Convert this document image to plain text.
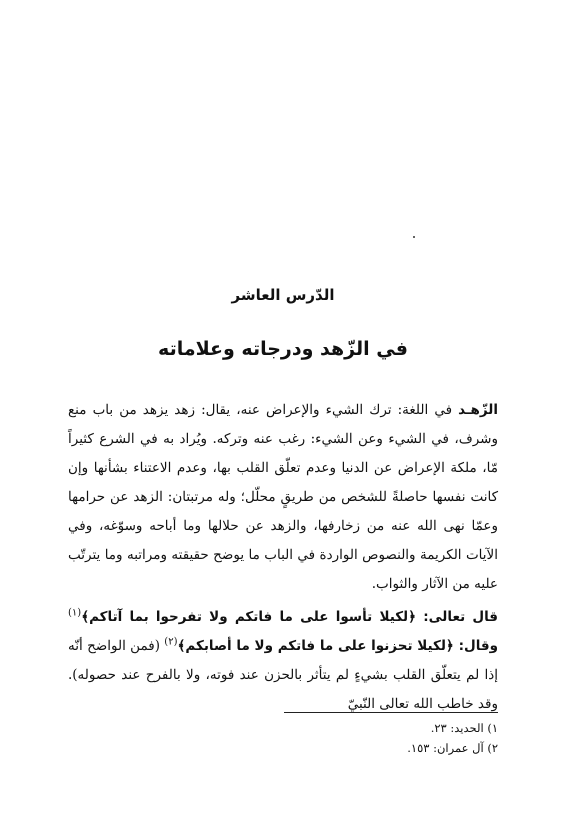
الدّرس العاشر
في الزّهد ودرجاته وعلاماته

الزّهـد في اللغة: ترك الشيء والإعراض عنه، يقال: زهد يزهد من باب منع وشرف، في الشيء وعن الشيء: رغب عنه وتركه. ويُراد به في الشرع كثيراً مّا، ملكة الإعراض عن الدنيا وعدم تعلّق القلب بها، وعدم الاعتناء بشأنها وإن كانت نفسها حاصلةً للشخص من طريقٍ محلّل؛ وله مرتبتان: الزهد عن حرامها وعمّا نهى الله عنه من زخارفها، والزهد عن حلالها وما أباحه وسوّغه، وفي الآيات الكريمة والنصوص الواردة في الباب ما يوضح حقيقته ومراتبه وما يترتّب عليه من الآثار والثواب.

قال تعالى: ﴿لكيلا تأسوا على ما فاتكم ولا تفرحوا بما آتاكم﴾$^{(١)}$ وقال: ﴿لكيلا تحزنوا على ما فاتكم ولا ما أصابكم﴾$^{(٢)}$ (فمن الواضح أنّه إذا لم يتعلّق القلب بشيءٍ لم يتأثر بالحزن عند فوته، ولا بالفرح عند حصوله). وقد خاطب الله تعالى النّبيّ

١) الحديد: ٢٣.
٢) آل عمران: ١٥٣.
